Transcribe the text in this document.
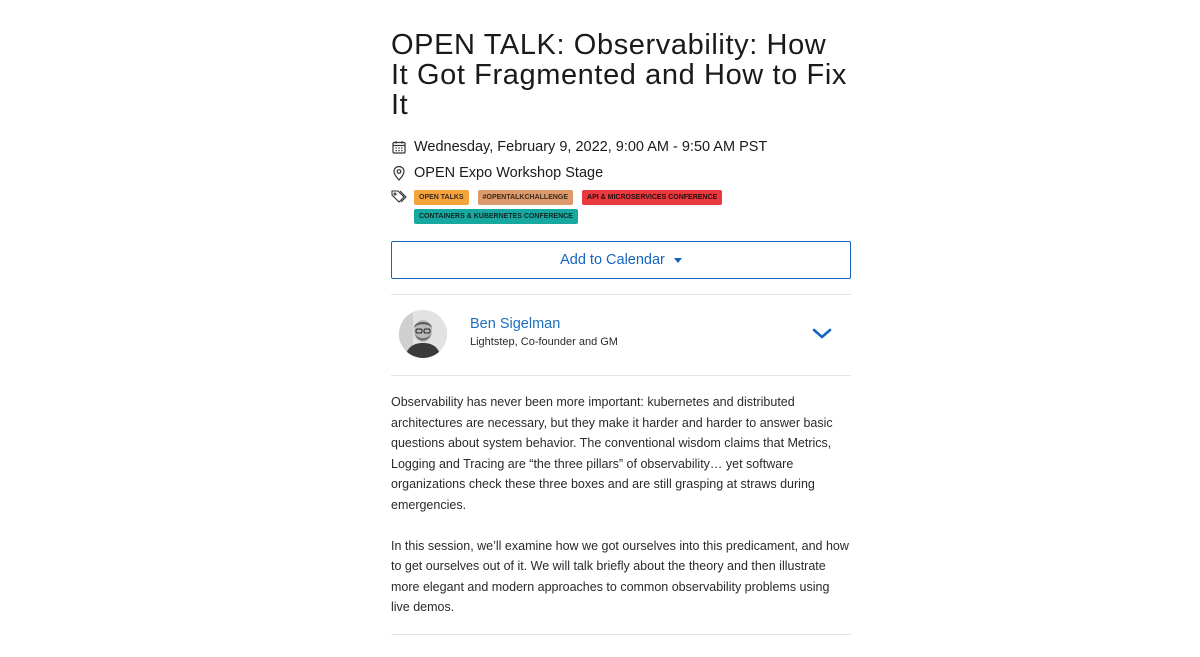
OPEN TALK: Observability: How It Got Fragmented and How to Fix It
Wednesday, February 9, 2022, 9:00 AM - 9:50 AM PST
OPEN Expo Workshop Stage
OPEN TALKS	#OPENTALKCHALLENGE	API & MICROSERVICES CONFERENCE
CONTAINERS & KUBERNETES CONFERENCE
Add to Calendar
Ben Sigelman
Lightstep, Co-founder and GM

Observability has never been more important: kubernetes and distributed architectures are necessary, but they make it harder and harder to answer basic questions about system behavior. The conventional wisdom claims that Metrics, Logging and Tracing are “the three pillars” of observability… yet software organizations check these three boxes and are still grasping at straws during emergencies.

In this session, we’ll examine how we got ourselves into this predicament, and how to get ourselves out of it. We will talk briefly about the theory and then illustrate more elegant and modern approaches to common observability problems using live demos.
